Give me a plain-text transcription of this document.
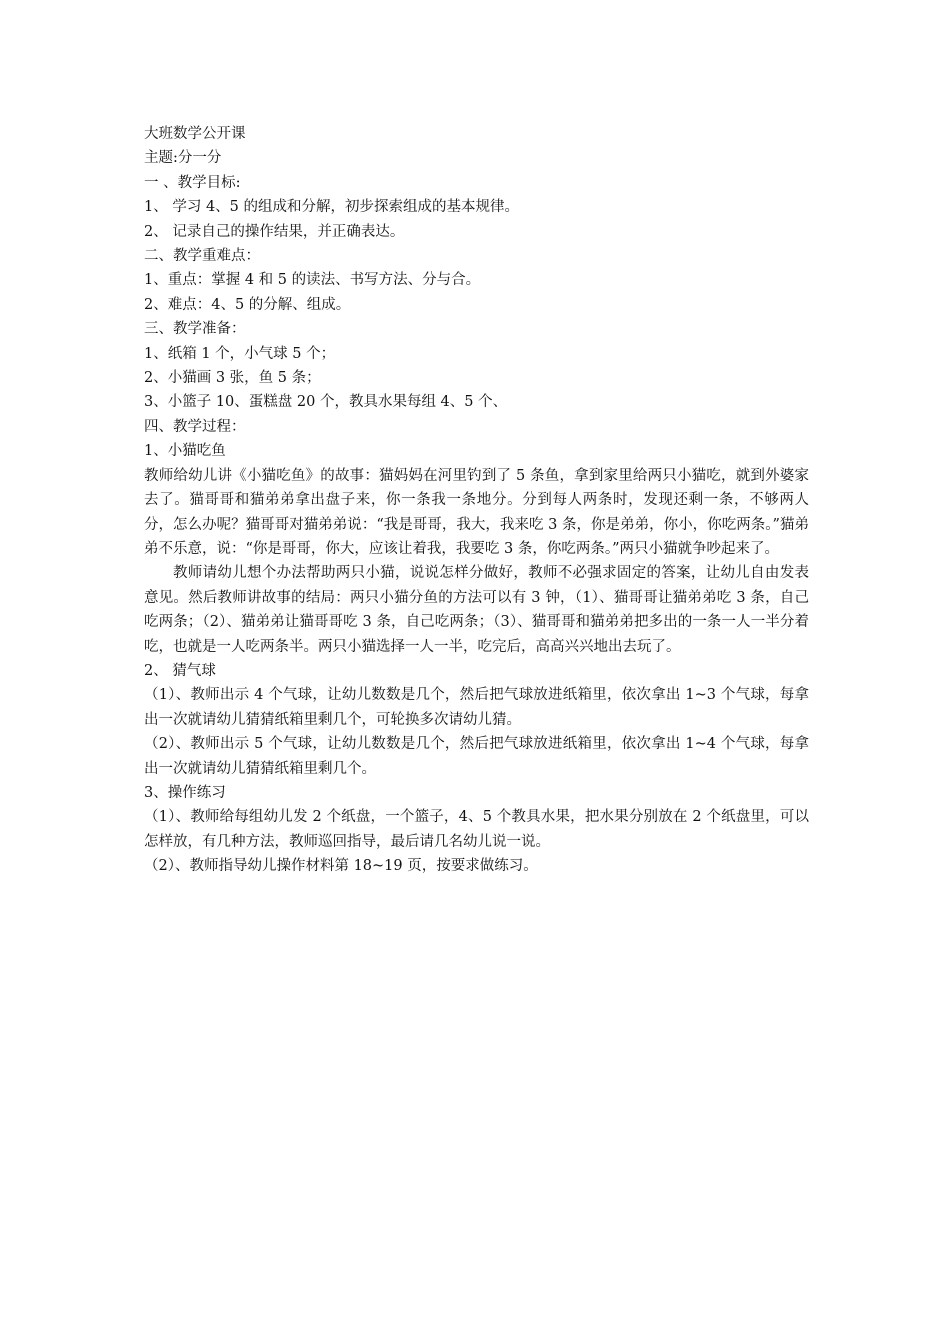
大班数学公开课
主题:分一分
一 、教学目标:
1、 学习 4、5 的组成和分解，初步探索组成的基本规律。
2、 记录自己的操作结果，并正确表达。
二、教学重难点：
1、重点：掌握 4 和 5 的读法、书写方法、分与合。
2、难点：4、5 的分解、组成。
三、教学准备：
1、纸箱 1 个，小气球 5 个；
2、小猫画 3 张，鱼 5 条；
3、小篮子 10、蛋糕盘 20 个，教具水果每组 4、5 个、
四、教学过程：
1、小猫吃鱼
教师给幼儿讲《小猫吃鱼》的故事：猫妈妈在河里钓到了 5 条鱼，拿到家里给两只小猫吃，就到外婆家去了。猫哥哥和猫弟弟拿出盘子来，你一条我一条地分。分到每人两条时，发现还剩一条，不够两人分，怎么办呢？猫哥哥对猫弟弟说：“我是哥哥，我大，我来吃 3 条，你是弟弟，你小，你吃两条。”猫弟弟不乐意，说：“你是哥哥，你大，应该让着我，我要吃 3 条，你吃两条。”两只小猫就争吵起来了。
教师请幼儿想个办法帮助两只小猫，说说怎样分做好，教师不必强求固定的答案，让幼儿自由发表意见。然后教师讲故事的结局：两只小猫分鱼的方法可以有 3 钟，（1）、猫哥哥让猫弟弟吃 3 条，自己吃两条；（2）、猫弟弟让猫哥哥吃 3 条，自己吃两条；（3）、猫哥哥和猫弟弟把多出的一条一人一半分着吃，也就是一人吃两条半。两只小猫选择一人一半，吃完后，高高兴兴地出去玩了。
2、 猜气球
（1）、教师出示 4 个气球，让幼儿数数是几个，然后把气球放进纸箱里，依次拿出 1~3 个气球，每拿出一次就请幼儿猜猜纸箱里剩几个，可轮换多次请幼儿猜。
（2）、教师出示 5 个气球，让幼儿数数是几个，然后把气球放进纸箱里，依次拿出 1~4 个气球，每拿出一次就请幼儿猜猜纸箱里剩几个。
3、操作练习
（1）、教师给每组幼儿发 2 个纸盘，一个篮子，4、5 个教具水果，把水果分别放在 2 个纸盘里，可以怎样放，有几种方法，教师巡回指导，最后请几名幼儿说一说。
（2）、教师指导幼儿操作材料第 18~19 页，按要求做练习。
